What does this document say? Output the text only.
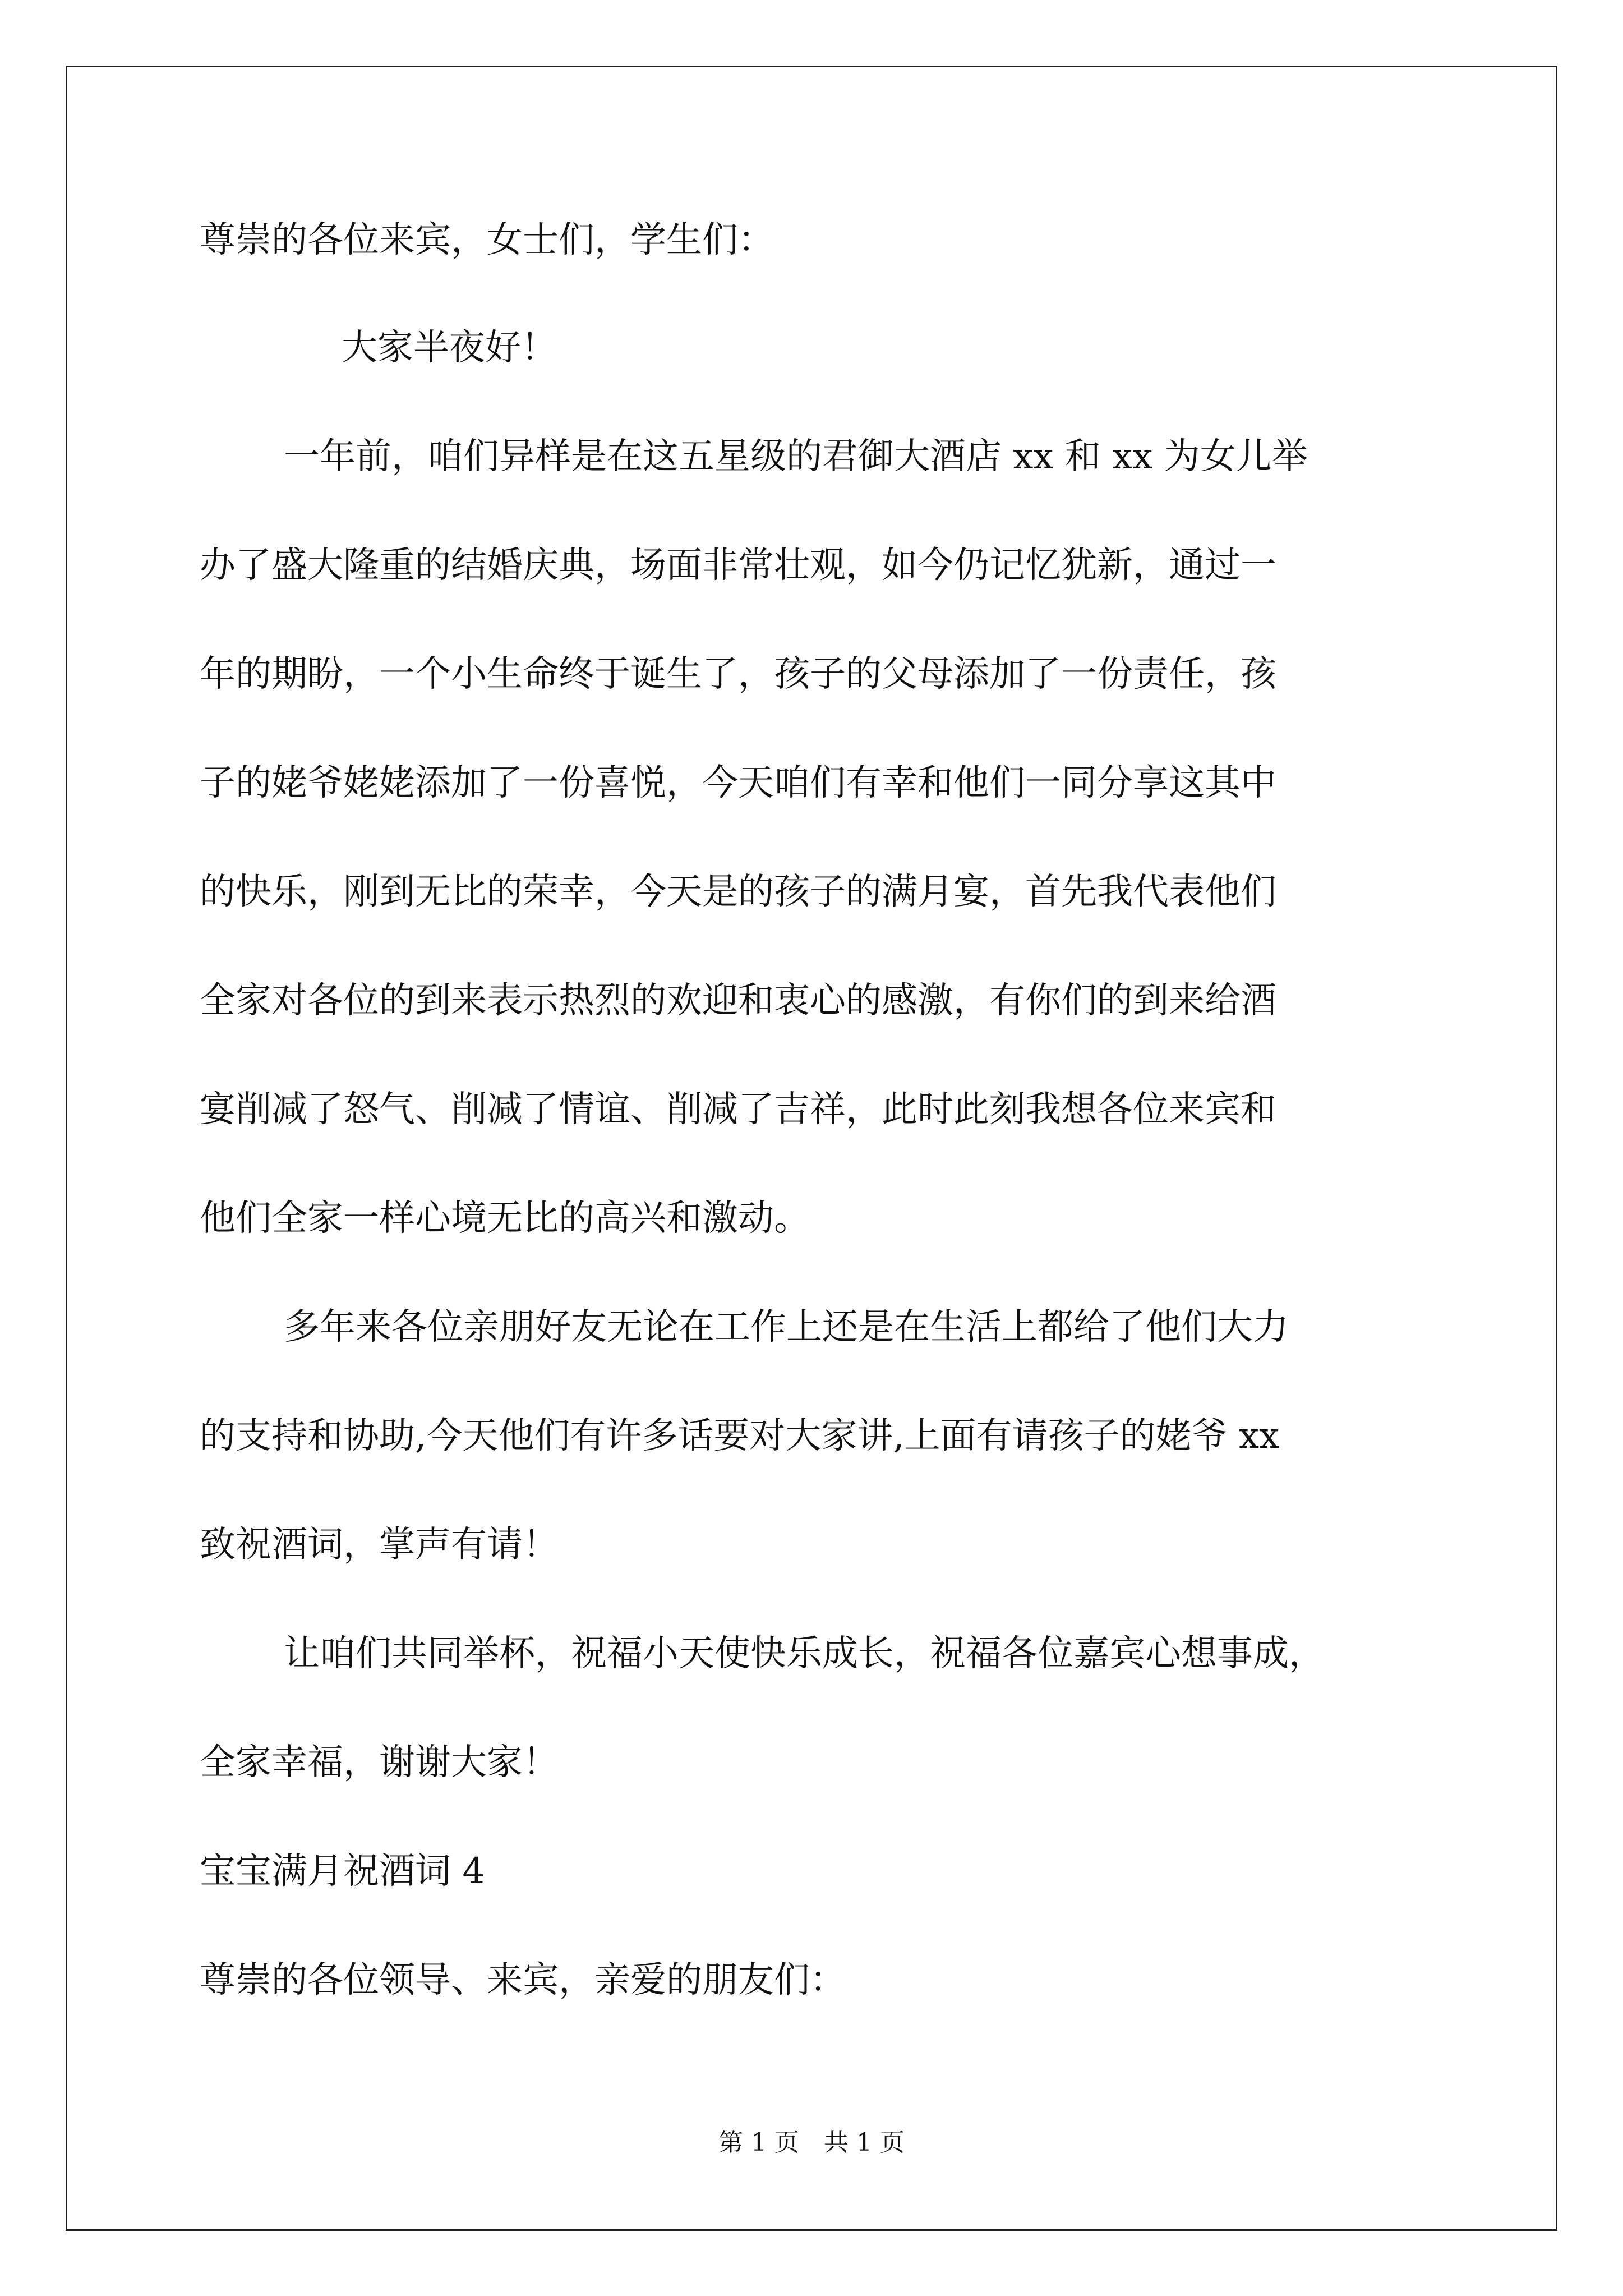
尊崇的各位来宾，女士们，学生们：
大家半夜好！
一年前，咱们异样是在这五星级的君御大酒店 xx 和 xx 为女儿举
办了盛大隆重的结婚庆典，场面非常壮观，如今仍记忆犹新，通过一
年的期盼，一个小生命终于诞生了，孩子的父母添加了一份责任，孩
子的姥爷姥姥添加了一份喜悦，今天咱们有幸和他们一同分享这其中
的快乐，刚到无比的荣幸，今天是的孩子的满月宴，首先我代表他们
全家对各位的到来表示热烈的欢迎和衷心的感激，有你们的到来给酒
宴削减了怒气、削减了情谊、削减了吉祥，此时此刻我想各位来宾和
他们全家一样心境无比的高兴和激动。
多年来各位亲朋好友无论在工作上还是在生活上都给了他们大力
的支持和协助,今天他们有许多话要对大家讲,上面有请孩子的姥爷 xx
致祝酒词，掌声有请！
让咱们共同举杯，祝福小天使快乐成长，祝福各位嘉宾心想事成，
全家幸福，谢谢大家！
宝宝满月祝酒词 4
尊崇的各位领导、来宾，亲爱的朋友们：
第 1 页　共 1 页
